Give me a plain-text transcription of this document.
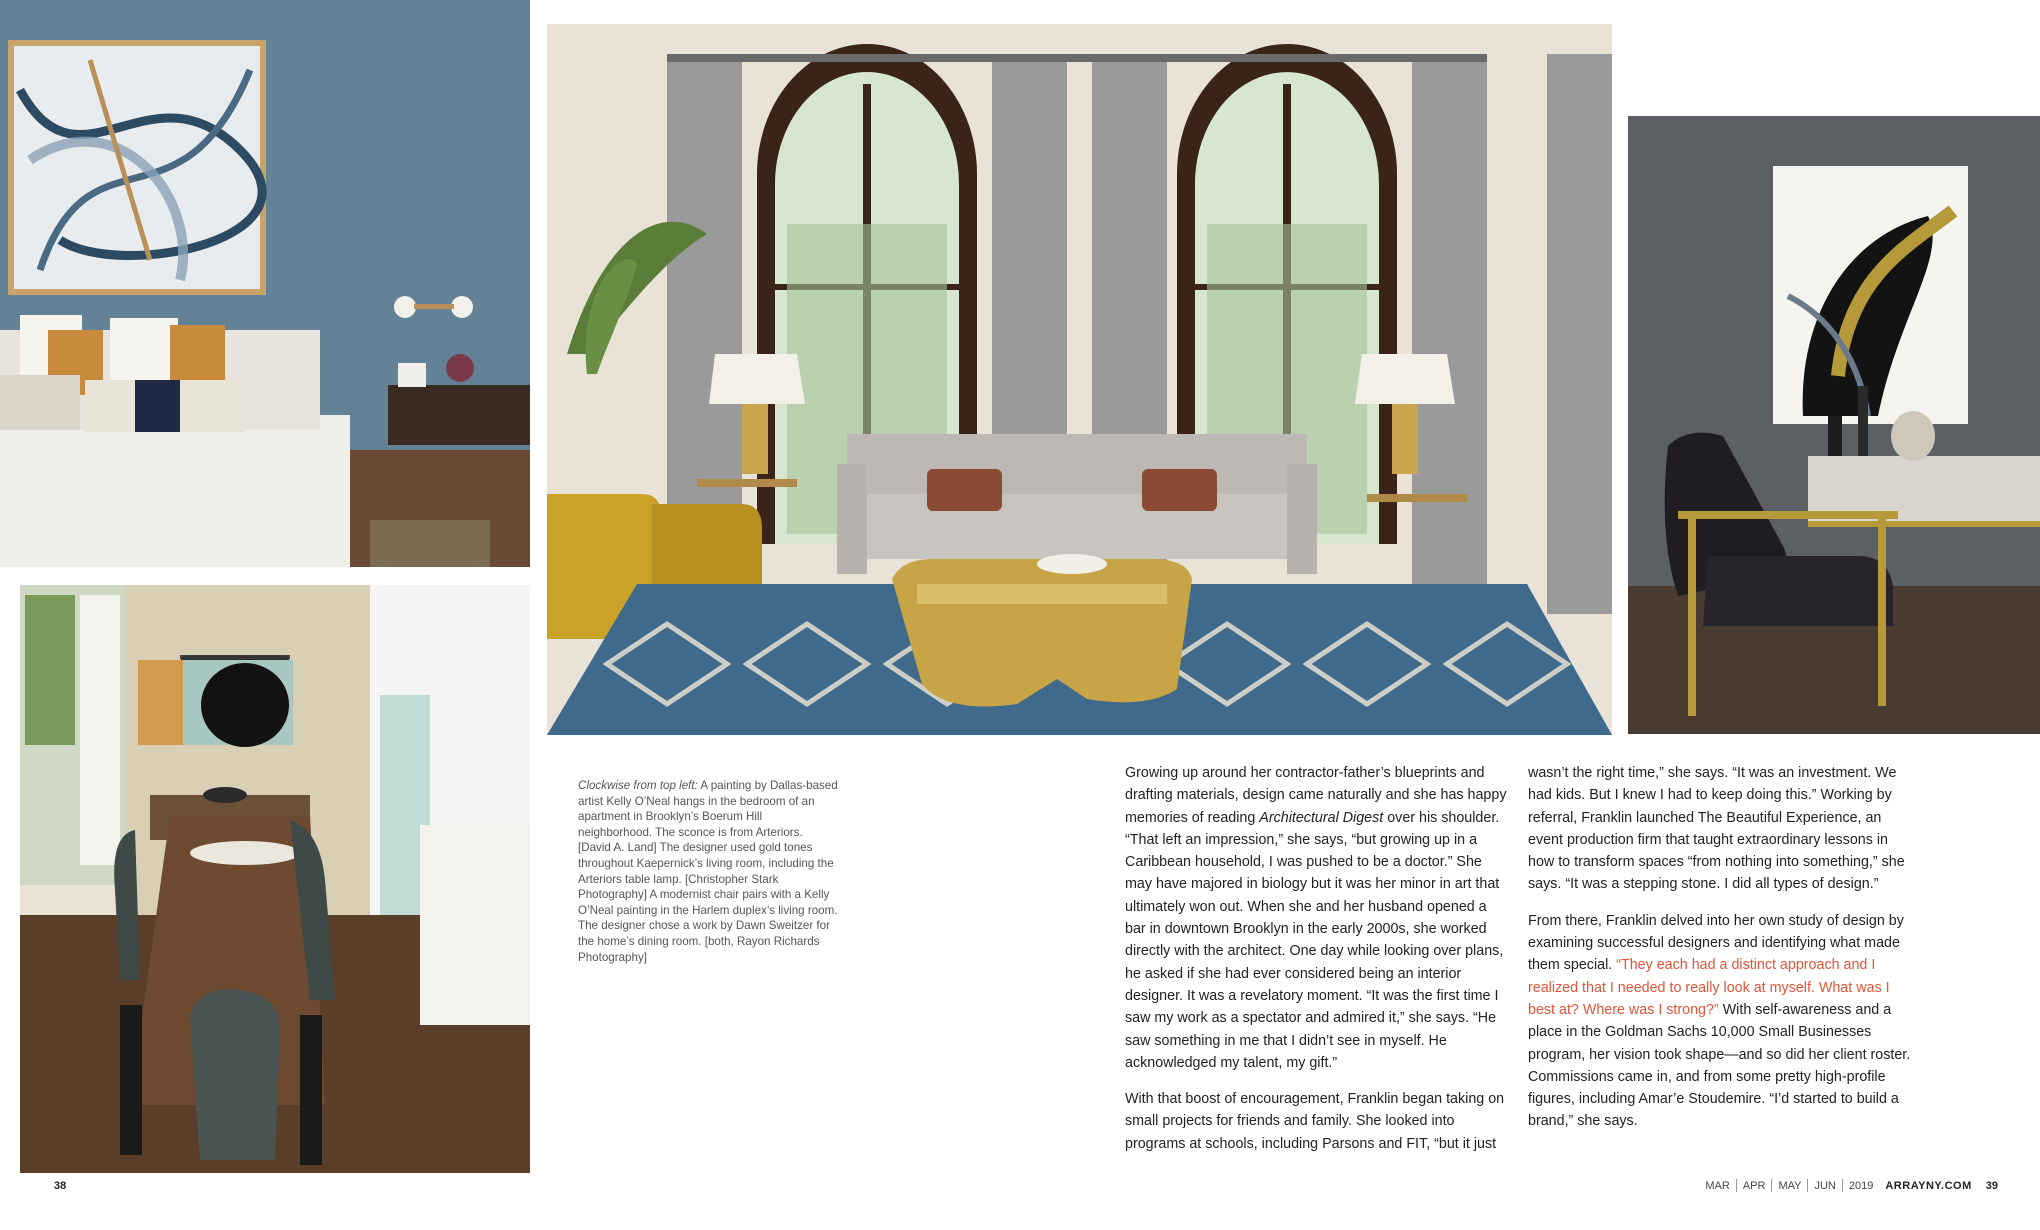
Clockwise from top left: A painting by Dallas-based artist Kelly O’Neal hangs in the bedroom of an apartment in Brooklyn’s Boerum Hill neighborhood. The sconce is from Arteriors. [David A. Land] The designer used gold tones throughout Kaepernick’s living room, including the Arteriors table lamp. [Christopher Stark Photography] A modernist chair pairs with a Kelly O’Neal painting in the Harlem duplex’s living room. The designer chose a work by Dawn Sweitzer for the home’s dining room. [both, Rayon Richards Photography]

Growing up around her contractor-father’s blueprints and drafting materials, design came naturally and she has happy memories of reading Architectural Digest over his shoulder. “That left an impression,” she says, “but growing up in a Caribbean household, I was pushed to be a doctor.” She may have majored in biology but it was her minor in art that ultimately won out. When she and her husband opened a bar in downtown Brooklyn in the early 2000s, she worked directly with the architect. One day while looking over plans, he asked if she had ever considered being an interior designer. It was a revelatory moment. “It was the first time I saw my work as a spectator and admired it,” she says. “He saw something in me that I didn’t see in myself. He acknowledged my talent, my gift.”

With that boost of encouragement, Franklin began taking on small projects for friends and family. She looked into programs at schools, including Parsons and FIT, “but it just

wasn’t the right time,” she says. “It was an investment. We had kids. But I knew I had to keep doing this.” Working by referral, Franklin launched The Beautiful Experience, an event production firm that taught extraordinary lessons in how to transform spaces “from nothing into something,” she says. “It was a stepping stone. I did all types of design.”

From there, Franklin delved into her own study of design by examining successful designers and identifying what made them special. “They each had a distinct approach and I realized that I needed to really look at myself. What was I best at? Where was I strong?” With self-awareness and a place in the Goldman Sachs 10,000 Small Businesses program, her vision took shape—and so did her client roster. Commissions came in, and from some pretty high-profile figures, including Amar’e Stoudemire. “I’d started to build a brand,” she says.

38	MAR APR MAY JUN 2019 ARRAYNY.COM 39
